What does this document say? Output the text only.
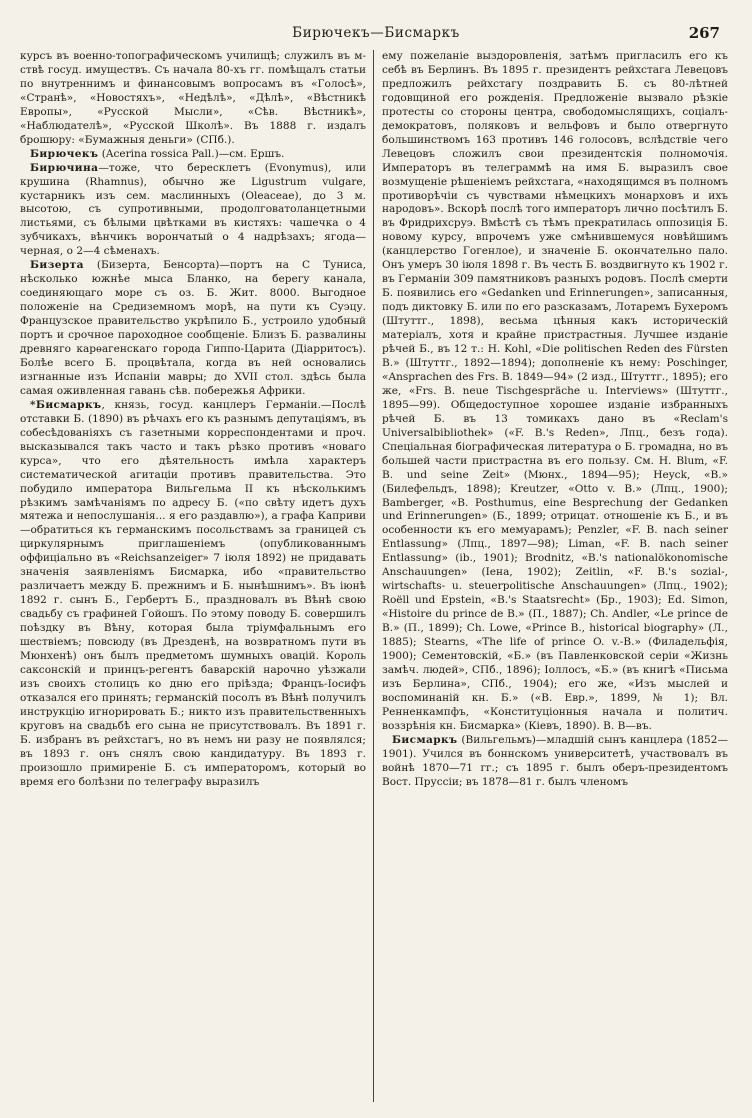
Бирючекъ—Бисмаркъ	267

курсъ въ военно-топографическомъ училищѣ; служилъ въ м-ствѣ госуд. имуществъ. Съ начала 80-хъ гг. помѣщалъ статьи по внутреннимъ и финансовымъ вопросамъ въ «Голосѣ», «Странѣ», «Новостяхъ», «Недѣлѣ», «Дѣлѣ», «Вѣстникѣ Европы», «Русской Мысли», «Сѣв. Вѣстникѣ», «Наблюдателѣ», «Русской Школѣ». Въ 1888 г. издалъ брошюру: «Бумажныя деньги» (СПб.).

Бирючекъ (Acerina rossica Pall.)—см. Ершъ.

Бирючина—тоже, что бересклетъ (Evonymus), или крушина (Rhamnus), обычно же Ligustrum vulgare, кустарникъ изъ сем. маслинныхъ (Oleaceae), до 3 м. высотою, съ супротивными, продолговатоланцетными листьями, съ бѣлыми цвѣтками въ кистяхъ: чашечка о 4 зубчикахъ, вѣнчикъ ворончатый о 4 надрѣзахъ; ягода—черная, о 2—4 сѣменахъ.

Бизерта (Бизерта, Бенсорта)—портъ на С Туниса, нѣсколько южнѣе мыса Бланко, на берегу канала, соединяющаго море съ оз. Б. Жит. 8000. Выгодное положеніе на Средиземномъ морѣ, на пути къ Суэцу. Французское правительство укрѣпило Б., устроило удобный портъ и срочное пароходное сообщеніе. Близъ Б. развалины древняго карѳагенскаго города Гиппо-Царита (Діарритосъ). Болѣе всего Б. процвѣтала, когда въ ней основались изгнанные изъ Испаніи мавры; до XVII стол. здѣсь была самая оживленная гавань сѣв. побережья Африки.

*Бисмаркъ, князь, госуд. канцлеръ Германіи.—Послѣ отставки Б. (1890) въ рѣчахъ его къ разнымъ депутаціямъ, въ собесѣдованіяхъ съ газетными корреспондентами и проч. высказывался такъ часто и такъ рѣзко противъ «новаго курса», что его дѣятельность имѣла характеръ систематической агитаціи противъ правительства. Это побудило императора Вильгельма II къ нѣсколькимъ рѣзкимъ замѣчаніямъ по адресу Б. («по свѣту идетъ духъ мятежа и непослушанія... я его раздавлю»), а графа Каприви—обратиться къ германскимъ посольствамъ за границей съ циркулярнымъ приглашеніемъ (опубликованнымъ оффиціально въ «Reichsanzeiger» 7 іюля 1892) не придавать значенія заявленіямъ Бисмарка, ибо «правительство различаетъ между Б. прежнимъ и Б. нынѣшнимъ». Въ іюнѣ 1892 г. сынъ Б., Гербертъ Б., праздновалъ въ Вѣнѣ свою свадьбу съ графиней Гойошъ. По этому поводу Б. совершилъ поѣздку въ Вѣну, которая была тріумфальнымъ его шествіемъ; повсюду (въ Дрезденѣ, на возвратномъ пути въ Мюнхенѣ) онъ былъ предметомъ шумныхъ овацій. Король саксонскій и принцъ-регентъ баварскій нарочно уѣзжали изъ своихъ столицъ ко дню его пріѣзда; Францъ-Іосифъ отказался его принять; германскій посолъ въ Вѣнѣ получилъ инструкцію игнорировать Б.; никто изъ правительственныхъ круговъ на свадьбѣ его сына не присутствовалъ. Въ 1891 г. Б. избранъ въ рейхстагъ, но въ немъ ни разу не появлялся; въ 1893 г. онъ снялъ свою кандидатуру. Въ 1893 г. произошло примиреніе Б. съ императоромъ, который во время его болѣзни по телеграфу выразилъ

ему пожеланіе выздоровленія, затѣмъ пригласилъ его къ себѣ въ Берлинъ. Въ 1895 г. президентъ рейхстага Левецовъ предложилъ рейхстагу поздравить Б. съ 80-лѣтней годовщиной его рожденія. Предложеніе вызвало рѣзкіе протесты со стороны центра, свободомыслящихъ, соціалъ-демократовъ, поляковъ и вельфовъ и было отвергнуто большинствомъ 163 противъ 146 голосовъ, вслѣдствіе чего Левецовъ сложилъ свои президентскія полномочія. Императоръ въ телеграммѣ на имя Б. выразилъ свое возмущеніе рѣшеніемъ рейхстага, «находящимся въ полномъ противорѣчіи съ чувствами нѣмецкихъ монарховъ и ихъ народовъ». Вскорѣ послѣ того императоръ лично посѣтилъ Б. въ Фридрихсруэ. Вмѣстѣ съ тѣмъ прекратилась оппозиція Б. новому курсу, впрочемъ уже смѣнившемуся новѣйшимъ (канцлерство Гогенлое), и значеніе Б. окончательно пало. Онъ умеръ 30 іюля 1898 г. Въ честь Б. воздвигнуто къ 1902 г. въ Германіи 309 памятниковъ разныхъ родовъ. Послѣ смерти Б. появились его «Gedanken und Erinnerungen», записанныя, подъ диктовку Б. или по его разсказамъ, Лотаремъ Бухеромъ (Штуттг., 1898), весьма цѣнныя какъ историческій матеріалъ, хотя и крайне пристрастныя. Лучшее изданіе рѣчей Б., въ 12 т.: H. Kohl, «Die politischen Reden des Fürsten B.» (Штуттг., 1892—1894); дополненіе къ нему: Poschinger, «Ansprachen des Frs. B. 1849—94» (2 изд., Штуттг., 1895); его же, «Frs. B. neue Tischgespräche u. Interviews» (Штуттг., 1895—99). Общедоступное хорошее изданіе избранныхъ рѣчей Б. въ 13 томикахъ дано въ «Reclam's Universalbibliothek» («F. B.'s Reden», Лпц., безъ года). Спеціальная біографическая литература о Б. громадна, но въ большей части пристрастна въ его пользу. См. H. Blum, «F. B. und seine Zeit» (Мюнх., 1894—95); Heyck, «B.» (Билефельдъ, 1898); Kreutzer, «Otto v. B.» (Лпц., 1900); Bamberger, «B. Posthumus, eine Besprechung der Gedanken und Erinnerungen» (Б., 1899; отрицат. отношеніе къ Б., и въ особенности къ его мемуарамъ); Penzler, «F. B. nach seiner Entlassung» (Лпц., 1897—98); Liman, «F. B. nach seiner Entlassung» (ib., 1901); Brodnitz, «B.'s nationalökonomische Anschauungen» (Іена, 1902); Zeitlin, «F. B.'s sozial-, wirtschafts- u. steuerpolitische Anschauungen» (Лпц., 1902); Roëll und Epstein, «B.'s Staatsrecht» (Бр., 1903); Ed. Simon, «Histoire du prince de B.» (П., 1887); Ch. Andler, «Le prince de B.» (П., 1899); Ch. Lowe, «Prince B., historical biography» (Л., 1885); Stearns, «The life of prince O. v.-B.» (Филадельфія, 1900); Сементовскій, «Б.» (въ Павленковской серіи «Жизнь замѣч. людей», СПб., 1896); Іоллосъ, «Б.» (въ книгѣ «Письма изъ Берлина», СПб., 1904); его же, «Изъ мыслей и воспоминаній кн. Б.» («В. Евр.», 1899, № 1); Вл. Ренненкампфъ, «Конституціонныя начала и политич. воззрѣнія кн. Бисмарка» (Кіевъ, 1890). В. В—въ.

Бисмаркъ (Вильгельмъ)—младшій сынъ канцлера (1852—1901). Учился въ боннскомъ университетѣ, участвовалъ въ войнѣ 1870—71 гг.; съ 1895 г. былъ оберъ-президентомъ Вост. Пруссіи; въ 1878—81 г. былъ членомъ
